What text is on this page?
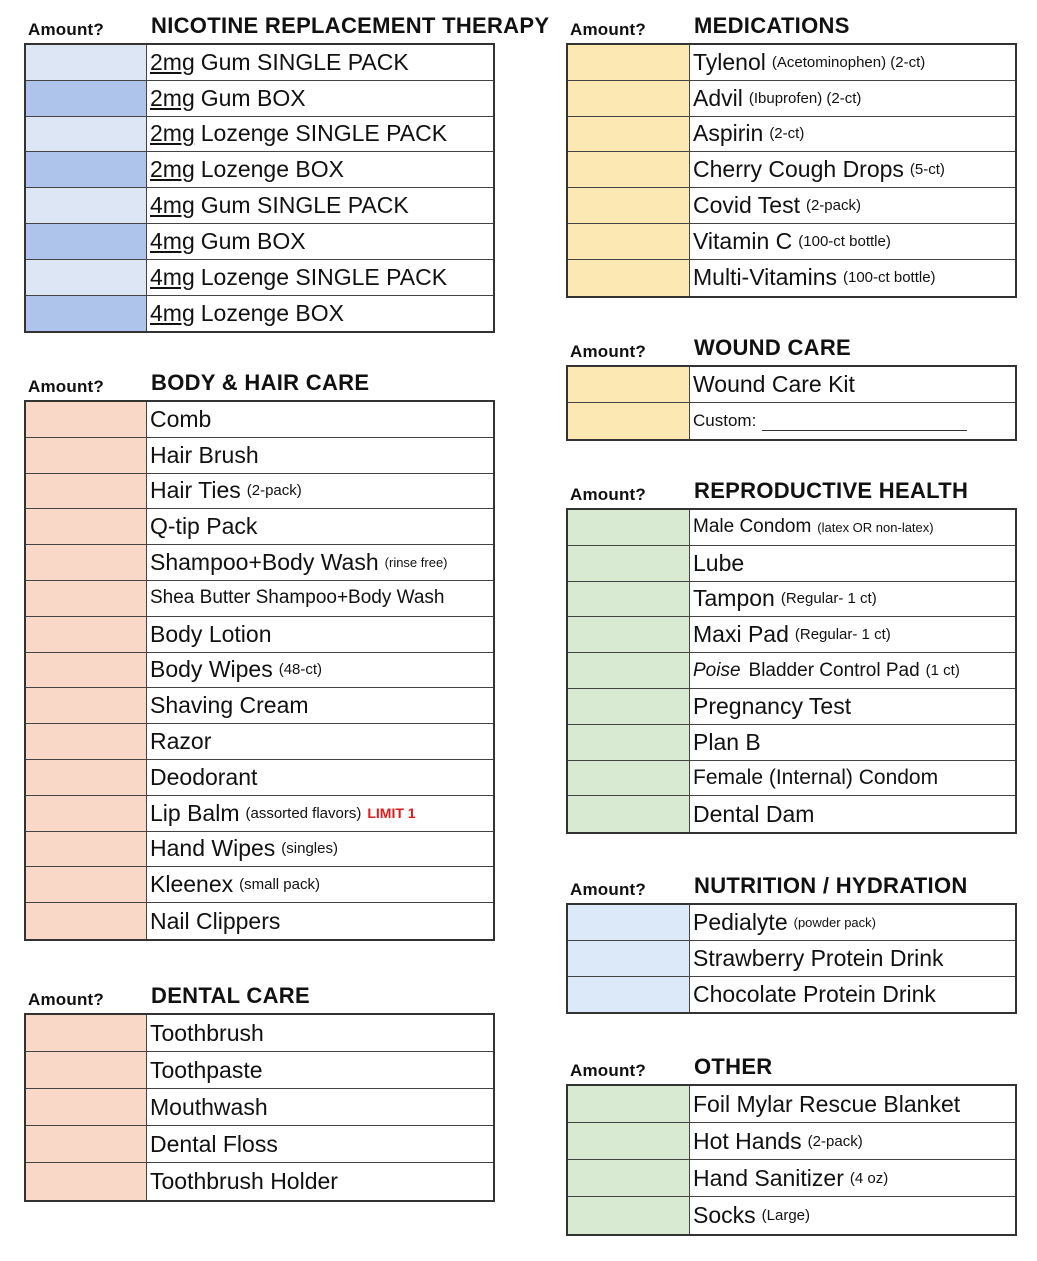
Amount? NICOTINE REPLACEMENT THERAPY
2mg Gum SINGLE PACK
2mg Gum BOX
2mg Lozenge SINGLE PACK
2mg Lozenge BOX
4mg Gum SINGLE PACK
4mg Gum BOX
4mg Lozenge SINGLE PACK
4mg Lozenge BOX
Amount? BODY & HAIR CARE
Comb
Hair Brush
Hair Ties (2-pack)
Q-tip Pack
Shampoo+Body Wash (rinse free)
Shea Butter Shampoo+Body Wash
Body Lotion
Body Wipes (48-ct)
Shaving Cream
Razor
Deodorant
Lip Balm (assorted flavors) LIMIT 1
Hand Wipes (singles)
Kleenex (small pack)
Nail Clippers
Amount? DENTAL CARE
Toothbrush
Toothpaste
Mouthwash
Dental Floss
Toothbrush Holder
Amount? MEDICATIONS
Tylenol (Acetominophen) (2-ct)
Advil (Ibuprofen) (2-ct)
Aspirin (2-ct)
Cherry Cough Drops (5-ct)
Covid Test (2-pack)
Vitamin C (100-ct bottle)
Multi-Vitamins (100-ct bottle)
Amount? WOUND CARE
Wound Care Kit
Custom:
Amount? REPRODUCTIVE HEALTH
Male Condom (latex OR non-latex)
Lube
Tampon (Regular- 1 ct)
Maxi Pad (Regular- 1 ct)
Poise Bladder Control Pad (1 ct)
Pregnancy Test
Plan B
Female (Internal) Condom
Dental Dam
Amount? NUTRITION / HYDRATION
Pedialyte (powder pack)
Strawberry Protein Drink
Chocolate Protein Drink
Amount? OTHER
Foil Mylar Rescue Blanket
Hot Hands (2-pack)
Hand Sanitizer (4 oz)
Socks (Large)
